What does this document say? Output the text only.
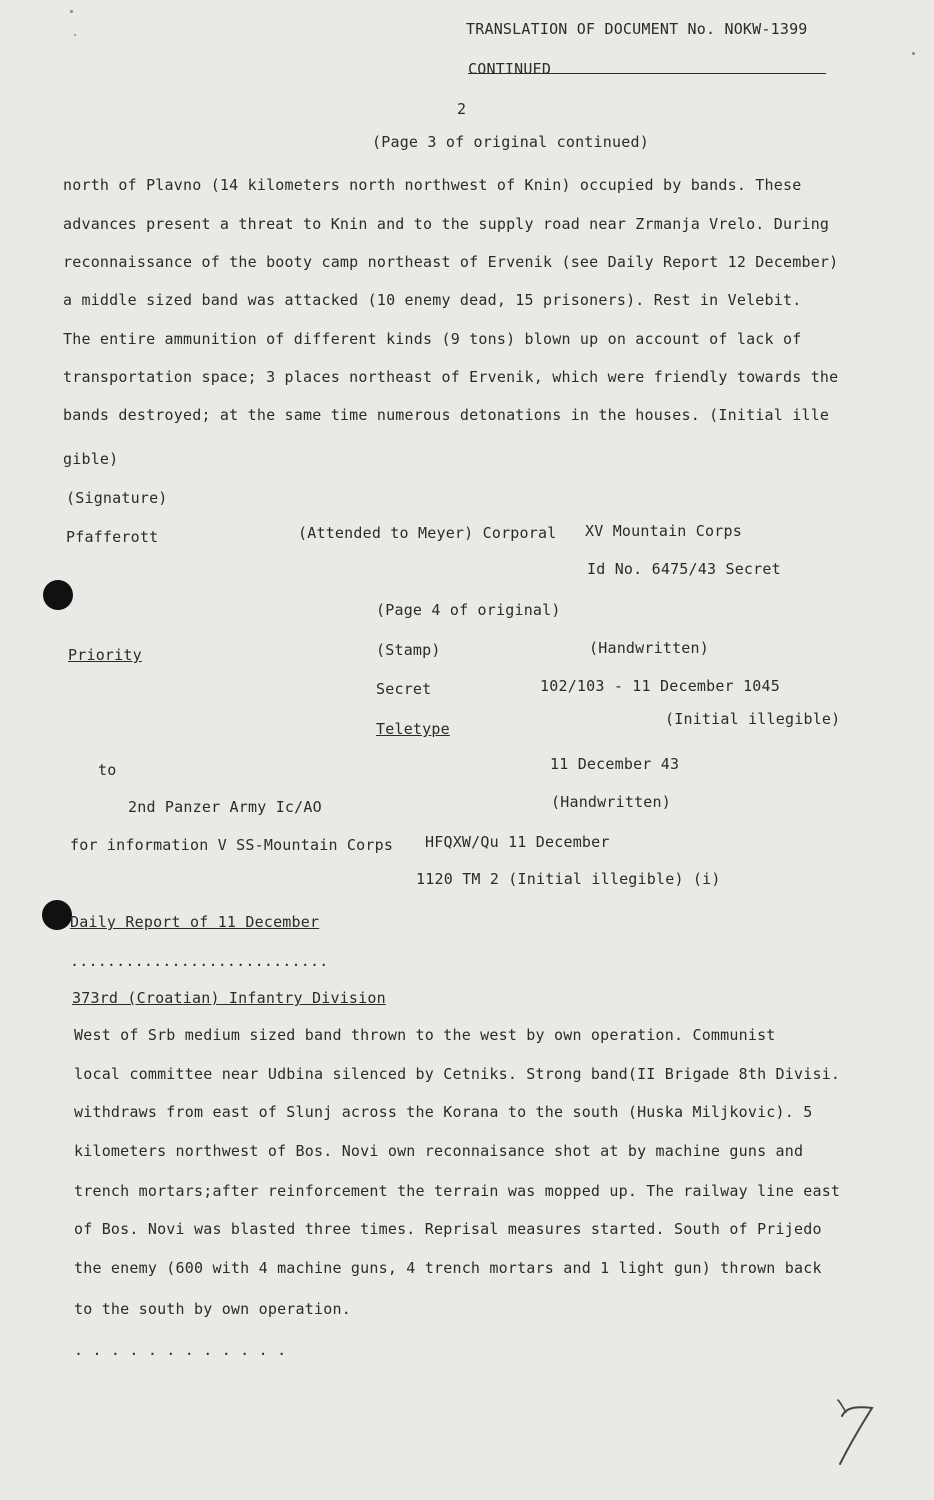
TRANSLATION OF DOCUMENT No. NOKW-1399
CONTINUED
2
(Page 3 of original continued)
north of Plavno (14 kilometers north northwest of Knin) occupied by bands. These
advances present a threat to Knin and to the supply road near Zrmanja Vrelo. During
reconnaissance of the booty camp northeast of Ervenik (see Daily Report 12 December)
a middle sized band was attacked (10 enemy dead, 15 prisoners). Rest in Velebit.
The entire ammunition of different kinds (9 tons) blown up on account of lack of
transportation space; 3 places northeast of Ervenik, which were friendly towards the
bands destroyed; at the same time numerous detonations in the houses. (Initial ille
gible)
(Signature)
Pfafferott	(Attended to Meyer) Corporal XV Mountain Corps
Id No. 6475/43 Secret
(Page 4 of original)
Priority	(Stamp)	(Handwritten)
Secret	102/103 - 11 December 1045
(Initial illegible)
Teletype
to	11 December 43
2nd Panzer Army Ic/AO	(Handwritten)
for information V SS-Mountain Corps HFQXW/Qu 11 December
1120 TM 2 (Initial illegible) (i)
Daily Report of 11 December
............................
373rd (Croatian) Infantry Division
West of Srb medium sized band thrown to the west by own operation. Communist
local committee near Udbina silenced by Cetniks. Strong band(II Brigade 8th Divisi.
withdraws from east of Slunj across the Korana to the south (Huska Miljkovic). 5
kilometers northwest of Bos. Novi own reconnaisance shot at by machine guns and
trench mortars;after reinforcement the terrain was mopped up. The railway line east
of Bos. Novi was blasted three times. Reprisal measures started. South of Prijedo
the enemy (600 with 4 machine guns, 4 trench mortars and 1 light gun) thrown back
to the south by own operation.
. . . . . . . . . . . .
